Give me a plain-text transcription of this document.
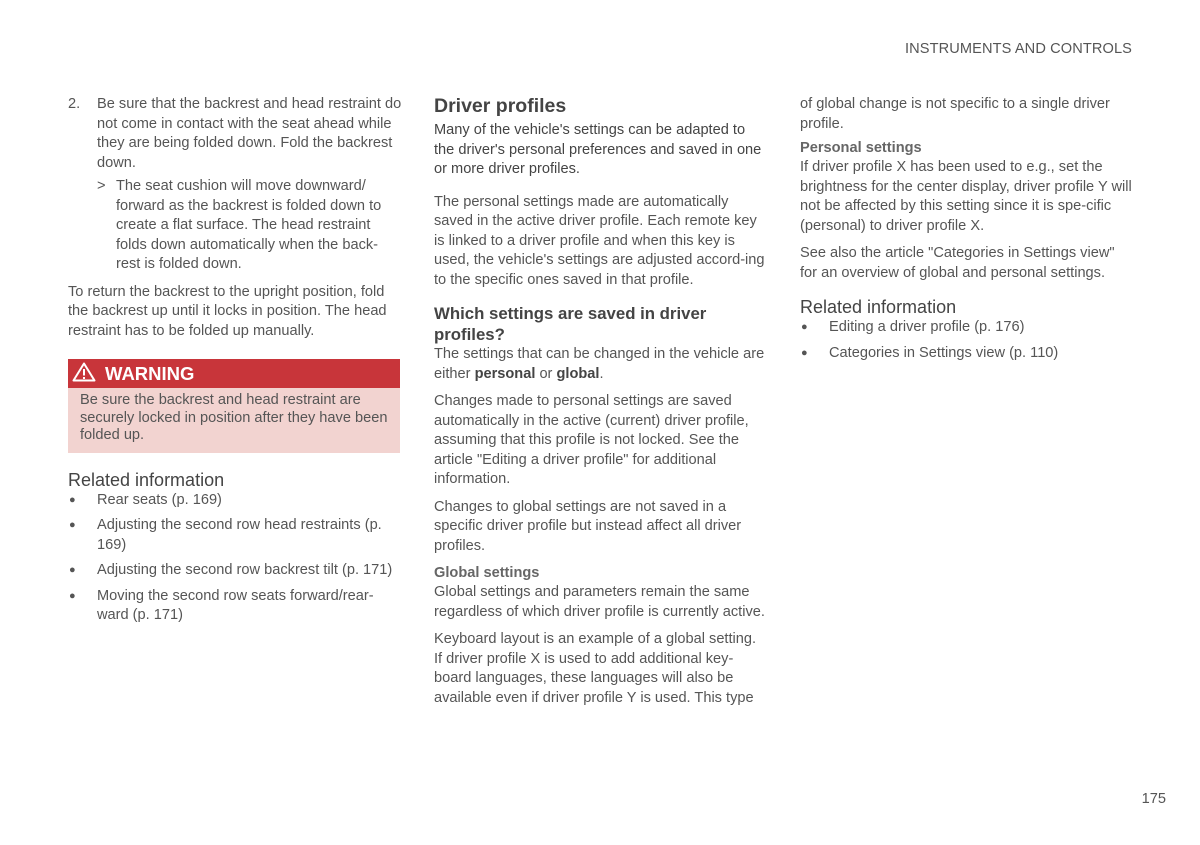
INSTRUMENTS AND CONTROLS
2. Be sure that the backrest and head restraint do not come in contact with the seat ahead while they are being folded down. Fold the backrest down.

> The seat cushion will move downward/ forward as the backrest is folded down to create a flat surface. The head restraint folds down automatically when the back-rest is folded down.

To return the backrest to the upright position, fold the backrest up until it locks in position. The head restraint has to be folded up manually.

WARNING
Be sure the backrest and head restraint are securely locked in position after they have been folded up.
Related information
● Rear seats (p. 169)
● Adjusting the second row head restraints (p. 169)
● Adjusting the second row backrest tilt (p. 171)
● Moving the second row seats forward/rear-ward (p. 171)
Driver profiles

Many of the vehicle's settings can be adapted to the driver's personal preferences and saved in one or more driver profiles.

The personal settings made are automatically saved in the active driver profile. Each remote key is linked to a driver profile and when this key is used, the vehicle's settings are adjusted accord-ing to the specific ones saved in that profile.

Which settings are saved in driver profiles?

The settings that can be changed in the vehicle are either personal or global.

Changes made to personal settings are saved automatically in the active (current) driver profile, assuming that this profile is not locked. See the article "Editing a driver profile" for additional information.

Changes to global settings are not saved in a specific driver profile but instead affect all driver profiles.

Global settings

Global settings and parameters remain the same regardless of which driver profile is currently active.

Keyboard layout is an example of a global setting. If driver profile X is used to add additional key-board languages, these languages will also be available even if driver profile Y is used. This type

of global change is not specific to a single driver profile.

Personal settings

If driver profile X has been used to e.g., set the brightness for the center display, driver profile Y will not be affected by this setting since it is spe-cific (personal) to driver profile X.

See also the article "Categories in Settings view" for an overview of global and personal settings.

Related information
● Editing a driver profile (p. 176)
● Categories in Settings view (p. 110)
175
